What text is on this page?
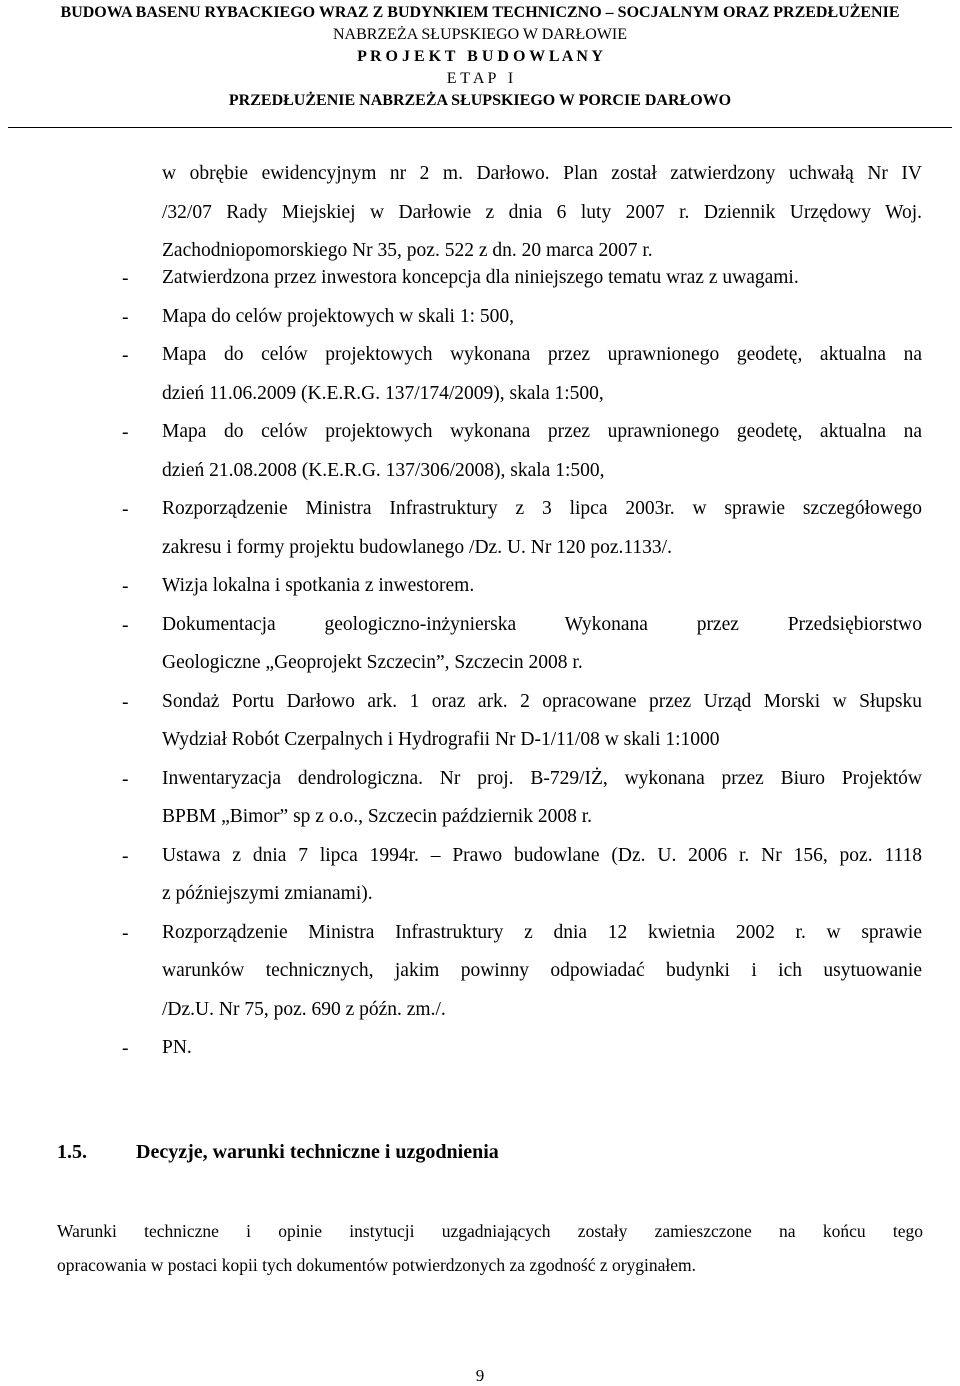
BUDOWA BASENU RYBACKIEGO WRAZ Z BUDYNKIEM TECHNICZNO – SOCJALNYM ORAZ PRZEDŁUŻENIE
NABRZEŻA SŁUPSKIEGO W DARŁOWIE
P R O J E K T   B U D O W L A N Y
E T A P   I
PRZEDŁUŻENIE NABRZEŻA SŁUPSKIEGO W PORCIE DARŁOWO

w obrębie ewidencyjnym nr 2 m. Darłowo. Plan został zatwierdzony uchwałą Nr IV

/32/07 Rady Miejskiej w Darłowie z dnia 6 luty 2007 r. Dziennik Urzędowy Woj.

Zachodniopomorskiego Nr 35, poz. 522 z dn. 20 marca 2007 r.

- Zatwierdzona przez inwestora koncepcja dla niniejszego tematu wraz z uwagami.
- Mapa do celów projektowych w skali 1: 500,
- Mapa do celów projektowych wykonana przez uprawnionego geodetę, aktualna na
dzień 11.06.2009 (K.E.R.G. 137/174/2009), skala 1:500,
- Mapa do celów projektowych wykonana przez uprawnionego geodetę, aktualna na
dzień 21.08.2008 (K.E.R.G. 137/306/2008), skala 1:500,
- Rozporządzenie Ministra Infrastruktury z 3 lipca 2003r. w sprawie szczegółowego
zakresu i formy projektu budowlanego /Dz. U. Nr 120 poz.1133/.
- Wizja lokalna i spotkania z inwestorem.
- Dokumentacja geologiczno-inżynierska Wykonana przez Przedsiębiorstwo
Geologiczne „Geoprojekt Szczecin”, Szczecin 2008 r.
- Sondaż Portu Darłowo ark. 1 oraz ark. 2 opracowane przez Urząd Morski w Słupsku
Wydział Robót Czerpalnych i Hydrografii Nr D-1/11/08 w skali 1:1000
- Inwentaryzacja dendrologiczna. Nr proj. B-729/IŻ, wykonana przez Biuro Projektów
BPBM „Bimor” sp z o.o., Szczecin październik 2008 r.
- Ustawa z dnia 7 lipca 1994r. – Prawo budowlane (Dz. U. 2006 r. Nr 156, poz. 1118
z późniejszymi zmianami).
- Rozporządzenie Ministra Infrastruktury z dnia 12 kwietnia 2002 r. w sprawie
warunków technicznych, jakim powinny odpowiadać budynki i ich usytuowanie
/Dz.U. Nr 75, poz. 690 z późn. zm./.
- PN.
1.5. Decyzje, warunki techniczne i uzgodnienia
Warunki techniczne i opinie instytucji uzgadniających zostały zamieszczone na końcu tego
opracowania w postaci kopii tych dokumentów potwierdzonych za zgodność z oryginałem.
9
